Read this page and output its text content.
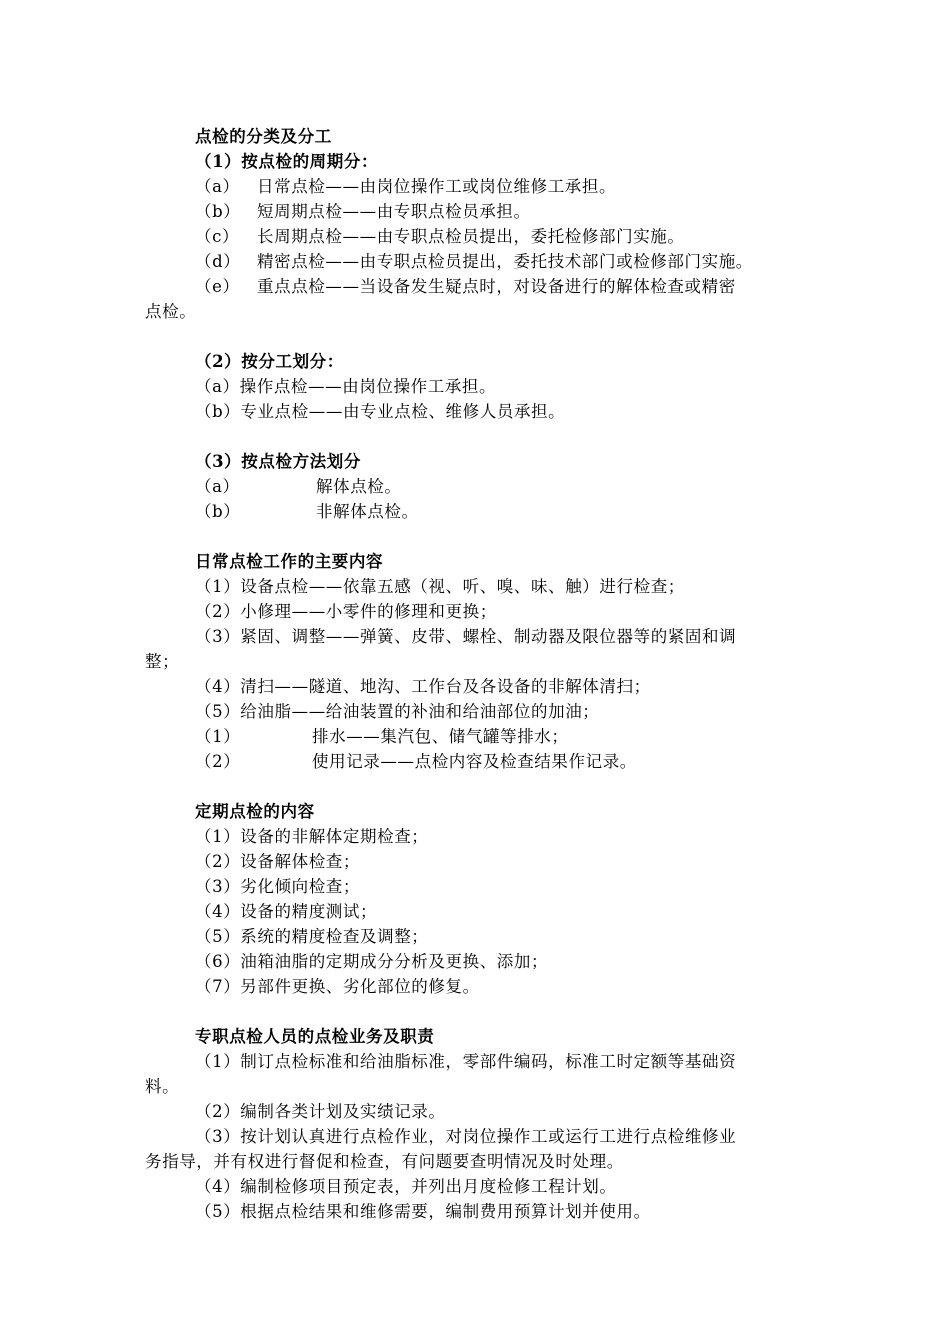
点检的分类及分工
（1）按点检的周期分：
（a） 日常点检——由岗位操作工或岗位维修工承担。
（b） 短周期点检——由专职点检员承担。
（c） 长周期点检——由专职点检员提出，委托检修部门实施。
（d） 精密点检——由专职点检员提出，委托技术部门或检修部门实施。
（e） 重点点检——当设备发生疑点时，对设备进行的解体检查或精密
点检。
（2）按分工划分：
（a）操作点检——由岗位操作工承担。
（b）专业点检——由专业点检、维修人员承担。
（3）按点检方法划分
（a）	解体点检。
（b）	非解体点检。
日常点检工作的主要内容
（1）设备点检——依靠五感（视、听、嗅、味、触）进行检查；
（2）小修理——小零件的修理和更换；
（3）紧固、调整——弹簧、皮带、螺栓、制动器及限位器等的紧固和调
整；
（4）清扫——隧道、地沟、工作台及各设备的非解体清扫；
（5）给油脂——给油装置的补油和给油部位的加油；
（1）	排水——集汽包、储气罐等排水；
（2）	使用记录——点检内容及检查结果作记录。
定期点检的内容
（1）设备的非解体定期检查；
（2）设备解体检查；
（3）劣化倾向检查；
（4）设备的精度测试；
（5）系统的精度检查及调整；
（6）油箱油脂的定期成分分析及更换、添加；
（7）另部件更换、劣化部位的修复。
专职点检人员的点检业务及职责
（1）制订点检标准和给油脂标准，零部件编码，标准工时定额等基础资
料。
（2）编制各类计划及实绩记录。
（3）按计划认真进行点检作业，对岗位操作工或运行工进行点检维修业
务指导，并有权进行督促和检查，有问题要查明情况及时处理。
（4）编制检修项目预定表，并列出月度检修工程计划。
（5）根据点检结果和维修需要，编制费用预算计划并使用。
